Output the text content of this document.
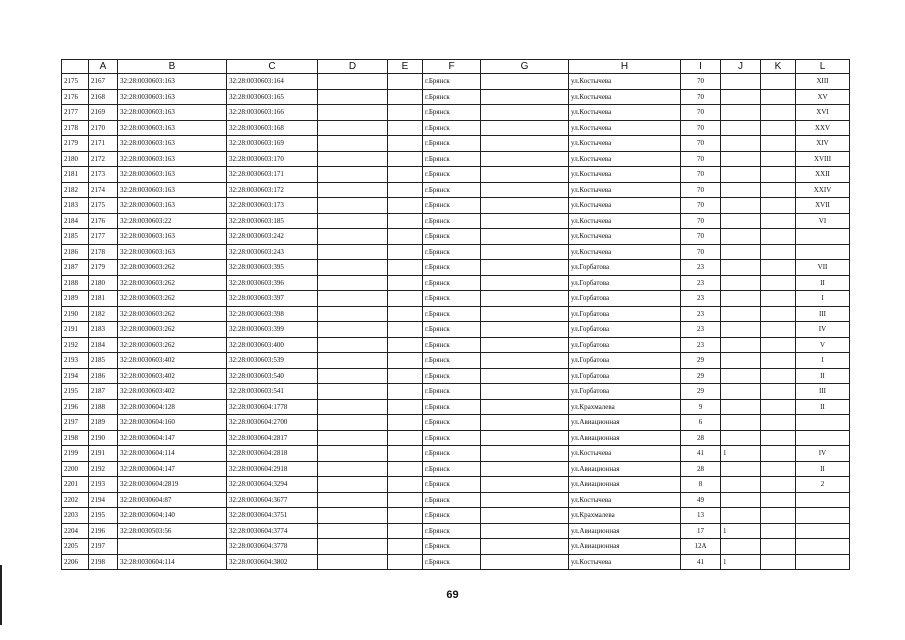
	A	B	C	D	E	F	G	H	I	J	K	L
2175	2167	32:28:0030603:163	32:28:0030603:164			г.Брянск		ул.Костычева	70			XIII
2176	2168	32:28:0030603:163	32:28:0030603:165			г.Брянск		ул.Костычева	70			XV
2177	2169	32:28:0030603:163	32:28:0030603:166			г.Брянск		ул.Костычева	70			XVI
2178	2170	32:28:0030603:163	32:28:0030603:168			г.Брянск		ул.Костычева	70			XXV
2179	2171	32:28:0030603:163	32:28:0030603:169			г.Брянск		ул.Костычева	70			XIV
2180	2172	32:28:0030603:163	32:28:0030603:170			г.Брянск		ул.Костычева	70			XVIII
2181	2173	32:28:0030603:163	32:28:0030603:171			г.Брянск		ул.Костычева	70			XXII
2182	2174	32:28:0030603:163	32:28:0030603:172			г.Брянск		ул.Костычева	70			XXIV
2183	2175	32:28:0030603:163	32:28:0030603:173			г.Брянск		ул.Костычева	70			XVII
2184	2176	32:28:0030603:22	32:28:0030603:185			г.Брянск		ул.Костычева	70			VI
2185	2177	32:28:0030603:163	32:28:0030603:242			г.Брянск		ул.Костычева	70			
2186	2178	32:28:0030603:163	32:28:0030603:243			г.Брянск		ул.Костычева	70			
2187	2179	32:28:0030603:262	32:28:0030603:395			г.Брянск		ул.Горбатова	23			VII
2188	2180	32:28:0030603:262	32:28:0030603:396			г.Брянск		ул.Горбатова	23			II
2189	2181	32:28:0030603:262	32:28:0030603:397			г.Брянск		ул.Горбатова	23			I
2190	2182	32:28:0030603:262	32:28:0030603:398			г.Брянск		ул.Горбатова	23			III
2191	2183	32:28:0030603:262	32:28:0030603:399			г.Брянск		ул.Горбатова	23			IV
2192	2184	32:28:0030603:262	32:28:0030603:400			г.Брянск		ул.Горбатова	23			V
2193	2185	32:28:0030603:402	32:28:0030603:539			г.Брянск		ул.Горбатова	29			I
2194	2186	32:28:0030603:402	32:28:0030603:540			г.Брянск		ул.Горбатова	29			II
2195	2187	32:28:0030603:402	32:28:0030603:541			г.Брянск		ул.Горбатова	29			III
2196	2188	32:28:0030604:128	32:28:0030604:1778			г.Брянск		ул.Крахмалева	9			II
2197	2189	32:28:0030604:160	32:28:0030604:2700			г.Брянск		ул.Авиационная	6			
2198	2190	32:28:0030604:147	32:28:0030604:2817			г.Брянск		ул.Авиационная	28			
2199	2191	32:28:0030604:114	32:28:0030604:2818			г.Брянск		ул.Костычева	41	1		IV
2200	2192	32:28:0030604:147	32:28:0030604:2918			г.Брянск		ул.Авиационная	28			II
2201	2193	32:28:0030604:2819	32:28:0030604:3294			г.Брянск		ул.Авиационная	8			2
2202	2194	32:28:0030604:87	32:28:0030604:3677			г.Брянск		ул.Костычева	49			
2203	2195	32:28:0030604:140	32:28:0030604:3751			г.Брянск		ул.Крахмалева	13			
2204	2196	32:28:0030503:56	32:28:0030604:3774			г.Брянск		ул.Авиационная	17	1		
2205	2197		32:28:0030604:3778			г.Брянск		ул.Авиационная	12А			
2206	2198	32:28:0030604:114	32:28:0030604:3802			г.Брянск		ул.Костычева	41	1		
69
